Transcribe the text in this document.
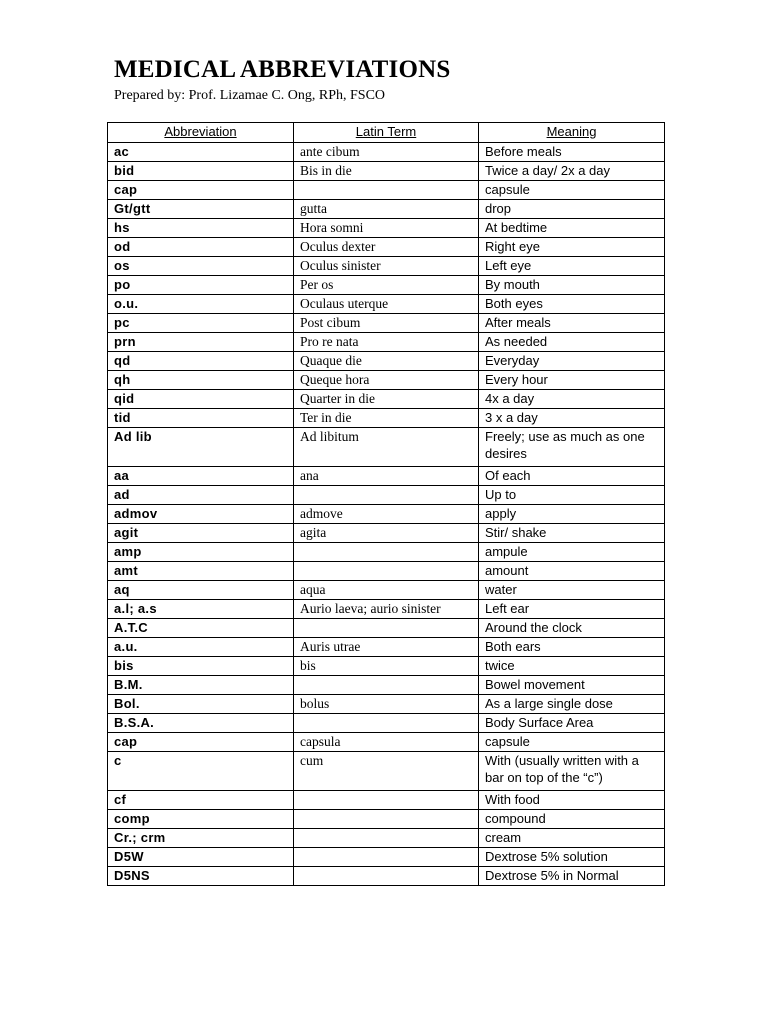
MEDICAL ABBREVIATIONS
Prepared by: Prof. Lizamae C. Ong, RPh, FSCO
Abbreviation	Latin Term	Meaning
ac	ante cibum	Before meals
bid	Bis in die	Twice a day/ 2x a day
cap		capsule
Gt/gtt	gutta	drop
hs	Hora somni	At bedtime
od	Oculus dexter	Right eye
os	Oculus sinister	Left eye
po	Per os	By mouth
o.u.	Oculaus uterque	Both eyes
pc	Post cibum	After meals
prn	Pro re nata	As needed
qd	Quaque die	Everyday
qh	Queque hora	Every hour
qid	Quarter in die	4x a day
tid	Ter in die	3 x a day
Ad lib	Ad libitum	Freely; use as much as one desires
aa	ana	Of each
ad		Up to
admov	admove	apply
agit	agita	Stir/ shake
amp		ampule
amt		amount
aq	aqua	water
a.l; a.s	Aurio laeva; aurio sinister	Left ear
A.T.C		Around the clock
a.u.	Auris utrae	Both ears
bis	bis	twice
B.M.		Bowel movement
Bol.	bolus	As a large single dose
B.S.A.		Body Surface Area
cap	capsula	capsule
c	cum	With (usually written with a bar on top of the “c”)
cf		With food
comp		compound
Cr.; crm		cream
D5W		Dextrose 5% solution
D5NS		Dextrose 5% in Normal
